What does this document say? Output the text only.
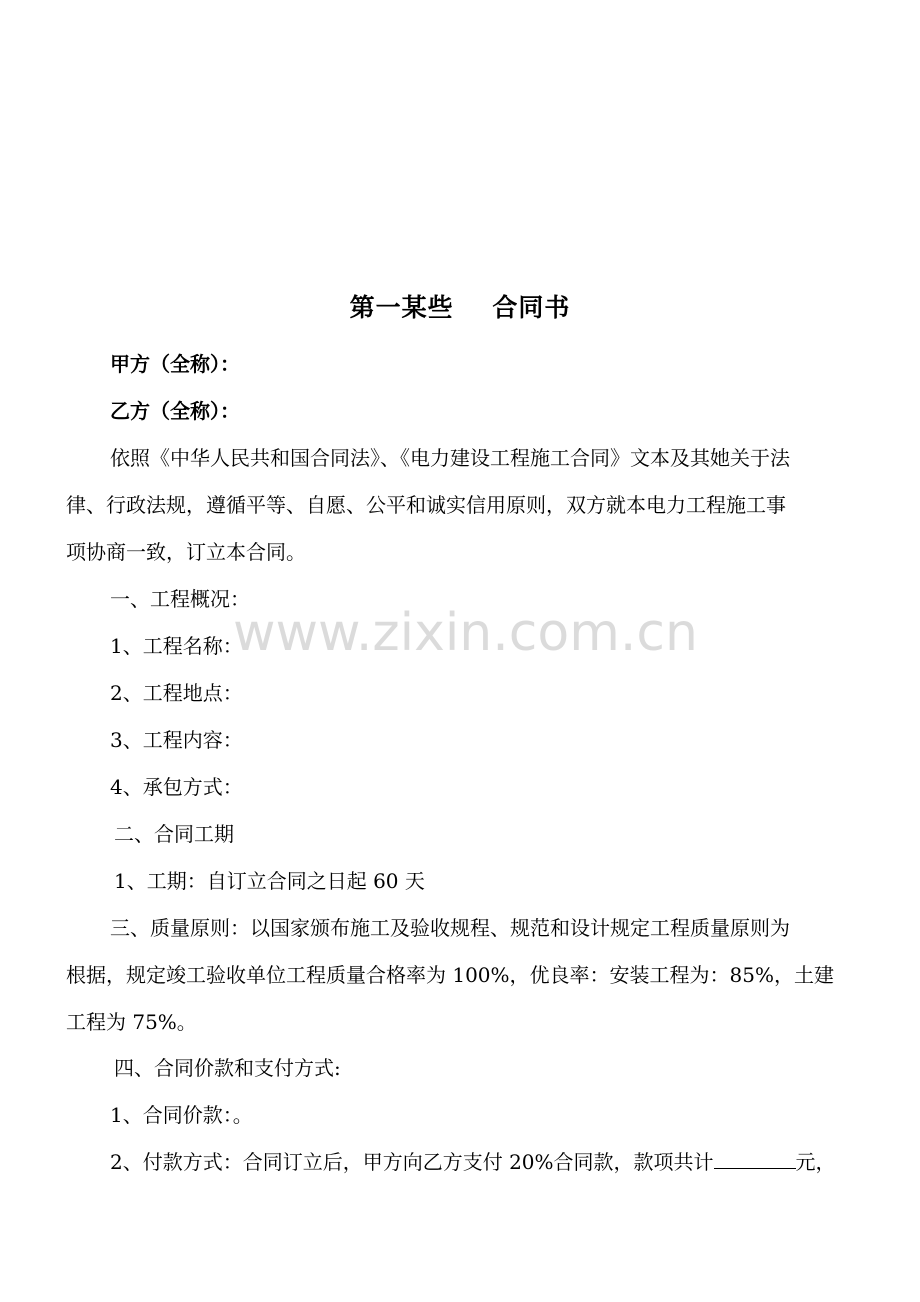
第一某些    合同书
甲方（全称）：
乙方（全称）：
依照《中华人民共和国合同法》、《电力建设工程施工合同》文本及其她关于法
律、行政法规，遵循平等、自愿、公平和诚实信用原则，双方就本电力工程施工事
项协商一致，订立本合同。
一、工程概况：
1、工程名称：
2、工程地点：
3、工程内容：
4、承包方式：
二、合同工期
1、工期：自订立合同之日起 60 天
三、质量原则：以国家颁布施工及验收规程、规范和设计规定工程质量原则为
根据，规定竣工验收单位工程质量合格率为 100%，优良率：安装工程为：85%，土建
工程为 75%。
四、合同价款和支付方式:
1、合同价款：。
2、付款方式：合同订立后，甲方向乙方支付 20%合同款，款项共计	元，
www.zixin.com.cn
